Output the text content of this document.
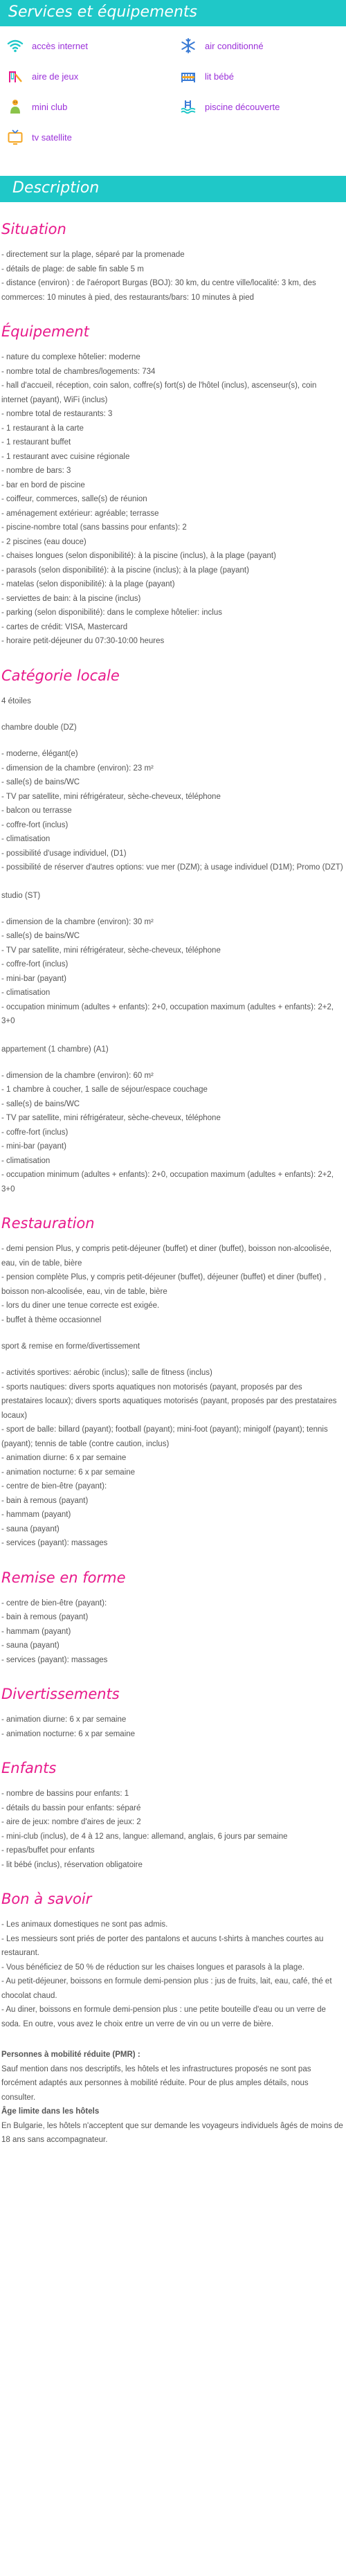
Services et équipements
accès internet	air conditionné
aire de jeux	lit bébé
mini club	piscine découverte
tv satellite
Description
Situation
- directement sur la plage, séparé par la promenade
- détails de plage: de sable fin sable 5 m
- distance (environ) : de l'aéroport Burgas (BOJ): 30 km, du centre ville/localité: 3 km, des commerces: 10 minutes à pied, des restaurants/bars: 10 minutes à pied
Équipement
- nature du complexe hôtelier: moderne
- nombre total de chambres/logements: 734
- hall d'accueil, réception, coin salon, coffre(s) fort(s) de l'hôtel (inclus), ascenseur(s), coin internet (payant), WiFi (inclus)
- nombre total de restaurants: 3
- 1 restaurant à la carte
- 1 restaurant buffet
- 1 restaurant avec cuisine régionale
- nombre de bars: 3
- bar en bord de piscine
- coiffeur, commerces, salle(s) de réunion
- aménagement extérieur: agréable; terrasse
- piscine-nombre total (sans bassins pour enfants): 2
- 2 piscines (eau douce)
- chaises longues (selon disponibilité): à la piscine (inclus), à la plage (payant)
- parasols (selon disponibilité): à la piscine (inclus); à la plage (payant)
- matelas (selon disponibilité): à la plage (payant)
- serviettes de bain: à la piscine (inclus)
- parking (selon disponibilité): dans le complexe hôtelier: inclus
- cartes de crédit: VISA, Mastercard
- horaire petit-déjeuner du 07:30-10:00 heures
Catégorie locale
4 étoiles
chambre double (DZ)
- moderne, élégant(e)
- dimension de la chambre (environ): 23 m²
- salle(s) de bains/WC
- TV par satellite, mini réfrigérateur, sèche-cheveux, téléphone
- balcon ou terrasse
- coffre-fort (inclus)
- climatisation
- possibilité d'usage individuel, (D1)
- possibilité de réserver d'autres options: vue mer (DZM); à usage individuel (D1M); Promo (DZT)
studio (ST)
- dimension de la chambre (environ): 30 m²
- salle(s) de bains/WC
- TV par satellite, mini réfrigérateur, sèche-cheveux, téléphone
- coffre-fort (inclus)
- mini-bar (payant)
- climatisation
- occupation minimum (adultes + enfants): 2+0, occupation maximum (adultes + enfants): 2+2, 3+0
appartement (1 chambre) (A1)
- dimension de la chambre (environ): 60 m²
- 1 chambre à coucher, 1 salle de séjour/espace couchage
- salle(s) de bains/WC
- TV par satellite, mini réfrigérateur, sèche-cheveux, téléphone
- coffre-fort (inclus)
- mini-bar (payant)
- climatisation
- occupation minimum (adultes + enfants): 2+0, occupation maximum (adultes + enfants): 2+2, 3+0
Restauration
- demi pension Plus, y compris petit-déjeuner (buffet) et diner (buffet), boisson non-alcoolisée, eau, vin de table, bière
- pension complète Plus, y compris petit-déjeuner (buffet), déjeuner (buffet) et diner (buffet) , boisson non-alcoolisée, eau, vin de table, bière
- lors du diner une tenue correcte est exigée.
- buffet à thème occasionnel
sport & remise en forme/divertissement
- activités sportives: aérobic (inclus); salle de fitness (inclus)
- sports nautiques: divers sports aquatiques non motorisés (payant, proposés par des prestataires locaux); divers sports aquatiques motorisés (payant, proposés par des prestataires locaux)
- sport de balle: billard (payant); football (payant); mini-foot (payant); minigolf (payant); tennis (payant); tennis de table (contre caution, inclus)
- animation diurne: 6 x par semaine
- animation nocturne: 6 x par semaine
- centre de bien-être (payant):
- bain à remous (payant)
- hammam (payant)
- sauna (payant)
- services (payant): massages
Remise en forme
- centre de bien-être (payant):
- bain à remous (payant)
- hammam (payant)
- sauna (payant)
- services (payant): massages
Divertissements
- animation diurne: 6 x par semaine
- animation nocturne: 6 x par semaine
Enfants
- nombre de bassins pour enfants: 1
- détails du bassin pour enfants: séparé
- aire de jeux: nombre d'aires de jeux: 2
- mini-club (inclus), de 4 à 12 ans, langue: allemand, anglais, 6 jours par semaine
- repas/buffet pour enfants
- lit bébé (inclus), réservation obligatoire
Bon à savoir
- Les animaux domestiques ne sont pas admis.
- Les messieurs sont priés de porter des pantalons et aucuns t-shirts à manches courtes au restaurant.
- Vous bénéficiez de 50 % de réduction sur les chaises longues et parasols à la plage.
- Au petit-déjeuner, boissons en formule demi-pension plus : jus de fruits, lait, eau, café, thé et chocolat chaud.
- Au diner, boissons en formule demi-pension plus : une petite bouteille d'eau ou un verre de soda. En outre, vous avez le choix entre un verre de vin ou un verre de bière.
Personnes à mobilité réduite (PMR) :
Sauf mention dans nos descriptifs, les hôtels et les infrastructures proposés ne sont pas forcément adaptés aux personnes à mobilité réduite. Pour de plus amples détails, nous consulter.
Âge limite dans les hôtels
En Bulgarie, les hôtels n'acceptent que sur demande les voyageurs individuels âgés de moins de 18 ans sans accompagnateur.
